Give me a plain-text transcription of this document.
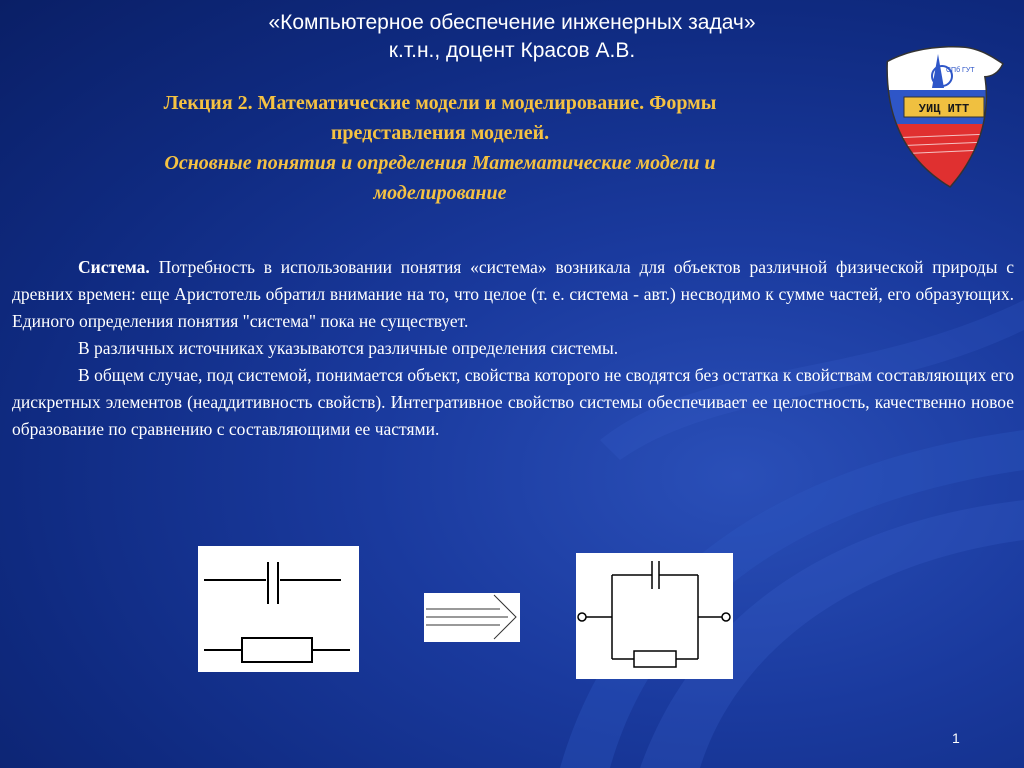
«Компьютерное обеспечение инженерных задач»
к.т.н., доцент Красов А.В.
Лекция 2. Математические модели и моделирование. Формы
представления моделей.
Основные понятия и определения Математические модели и
моделирование
СПб ГУТ
УИЦ ИТТ

Система. Потребность в использовании понятия «система» возникала для объектов различной физической природы с древних времен: еще Аристотель обратил внимание на то, что целое (т. е. система - авт.) несводимо к сумме частей, его образующих. Единого определения понятия "система" пока не существует.

В различных источниках указываются различные определения системы.

В общем случае, под системой, понимается объект, свойства которого не сводятся без остатка к свойствам составляющих его дискретных элементов (неаддитивность свойств). Интегративное свойство системы обеспечивает ее целостность, качественно новое образование по сравнению с составляющими ее частями.

1
